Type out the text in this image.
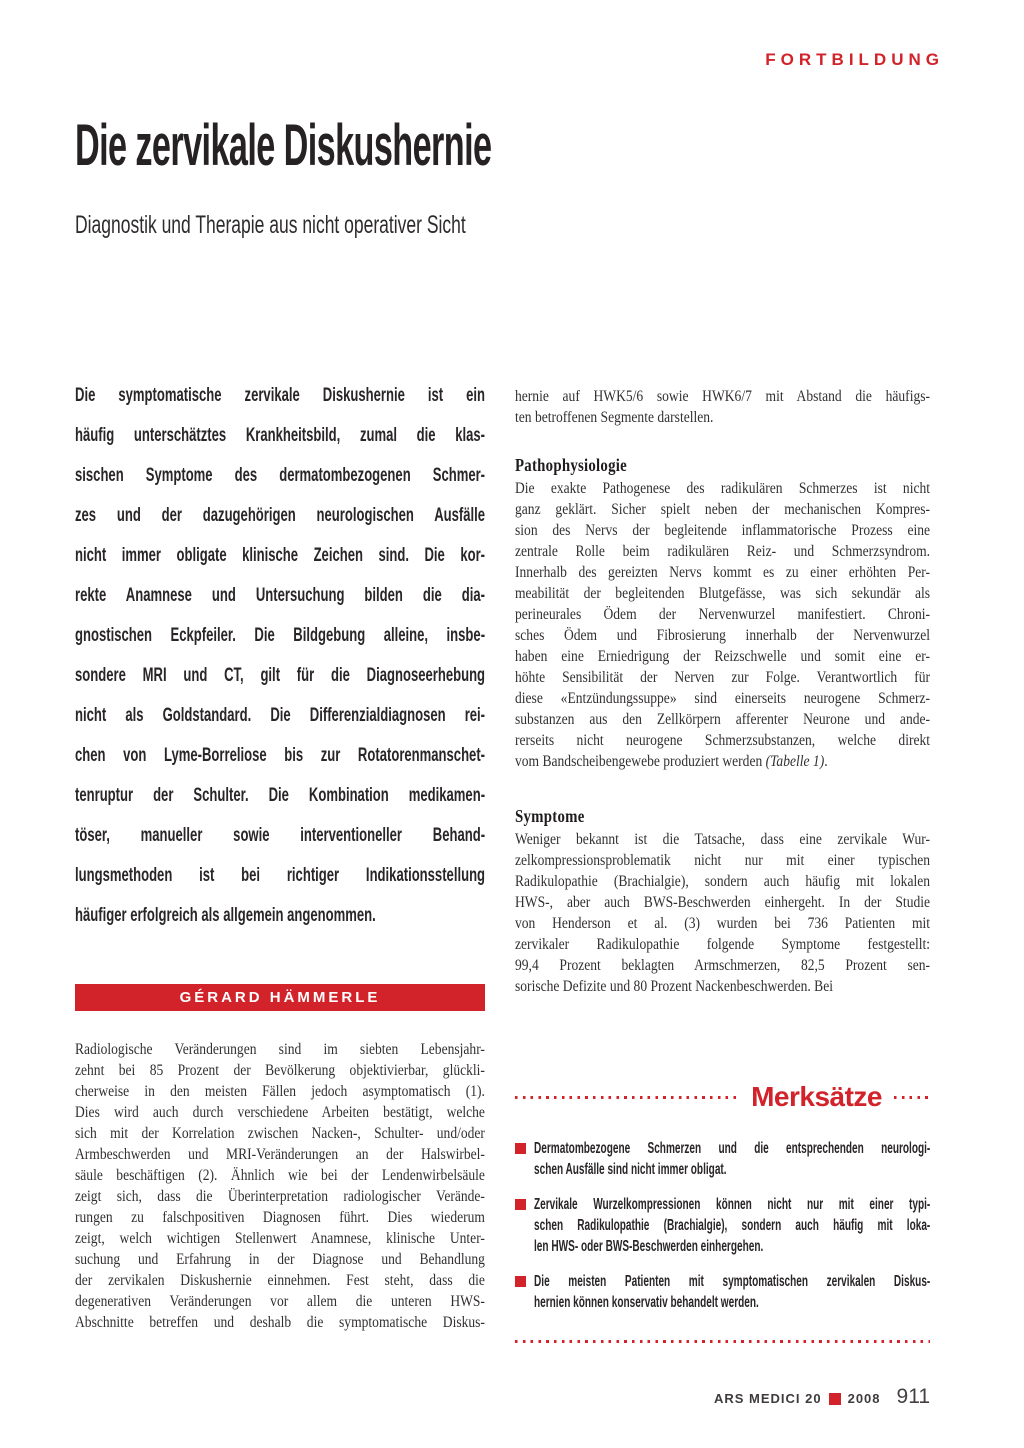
FORTBILDUNG
Die zervikale Diskushernie
Diagnostik und Therapie aus nicht operativer Sicht
Die symptomatische zervikale Diskushernie ist ein
häufig unterschätztes Krankheitsbild, zumal die klas-
sischen Symptome des dermatombezogenen Schmer-
zes und der dazugehörigen neurologischen Ausfälle
nicht immer obligate klinische Zeichen sind. Die kor-
rekte Anamnese und Untersuchung bilden die dia-
gnostischen Eckpfeiler. Die Bildgebung alleine, insbe-
sondere MRI und CT, gilt für die Diagnoseerhebung
nicht als Goldstandard. Die Differenzialdiagnosen rei-
chen von Lyme-Borreliose bis zur Rotatorenmanschet-
tenruptur der Schulter. Die Kombination medikamen-
töser, manueller sowie interventioneller Behand-
lungsmethoden ist bei richtiger Indikationsstellung
häufiger erfolgreich als allgemein angenommen.
GÉRARD HÄMMERLE
Radiologische Veränderungen sind im siebten Lebensjahr-
zehnt bei 85 Prozent der Bevölkerung objektivierbar, glückli-
cherweise in den meisten Fällen jedoch asymptomatisch (1).
Dies wird auch durch verschiedene Arbeiten bestätigt, welche
sich mit der Korrelation zwischen Nacken-, Schulter- und/oder
Armbeschwerden und MRI-Veränderungen an der Halswirbel-
säule beschäftigen (2). Ähnlich wie bei der Lendenwirbelsäule
zeigt sich, dass die Überinterpretation radiologischer Verände-
rungen zu falschpositiven Diagnosen führt. Dies wiederum
zeigt, welch wichtigen Stellenwert Anamnese, klinische Unter-
suchung und Erfahrung in der Diagnose und Behandlung
der zervikalen Diskushernie einnehmen. Fest steht, dass die
degenerativen Veränderungen vor allem die unteren HWS-
Abschnitte betreffen und deshalb die symptomatische Diskus-
hernie auf HWK5/6 sowie HWK6/7 mit Abstand die häufigs-
ten betroffenen Segmente darstellen.
Pathophysiologie
Die exakte Pathogenese des radikulären Schmerzes ist nicht
ganz geklärt. Sicher spielt neben der mechanischen Kompres-
sion des Nervs der begleitende inflammatorische Prozess eine
zentrale Rolle beim radikulären Reiz- und Schmerzsyndrom.
Innerhalb des gereizten Nervs kommt es zu einer erhöhten Per-
meabilität der begleitenden Blutgefässe, was sich sekundär als
perineurales Ödem der Nervenwurzel manifestiert. Chroni-
sches Ödem und Fibrosierung innerhalb der Nervenwurzel
haben eine Erniedrigung der Reizschwelle und somit eine er-
höhte Sensibilität der Nerven zur Folge. Verantwortlich für
diese «Entzündungssuppe» sind einerseits neurogene Schmerz-
substanzen aus den Zellkörpern afferenter Neurone und ande-
rerseits nicht neurogene Schmerzsubstanzen, welche direkt
vom Bandscheibengewebe produziert werden (Tabelle 1).
Symptome
Weniger bekannt ist die Tatsache, dass eine zervikale Wur-
zelkompressionsproblematik nicht nur mit einer typischen
Radikulopathie (Brachialgie), sondern auch häufig mit lokalen
HWS-, aber auch BWS-Beschwerden einhergeht. In der Studie
von Henderson et al. (3) wurden bei 736 Patienten mit
zervikaler Radikulopathie folgende Symptome festgestellt:
99,4 Prozent beklagten Armschmerzen, 82,5 Prozent sen-
sorische Defizite und 80 Prozent Nackenbeschwerden. Bei
Merksätze
Dermatombezogene Schmerzen und die entsprechenden neurologi-
schen Ausfälle sind nicht immer obligat.
Zervikale Wurzelkompressionen können nicht nur mit einer typi-
schen Radikulopathie (Brachialgie), sondern auch häufig mit loka-
len HWS- oder BWS-Beschwerden einhergehen.
Die meisten Patienten mit symptomatischen zervikalen Diskus-
hernien können konservativ behandelt werden.
ARS MEDICI 20 2008 911
